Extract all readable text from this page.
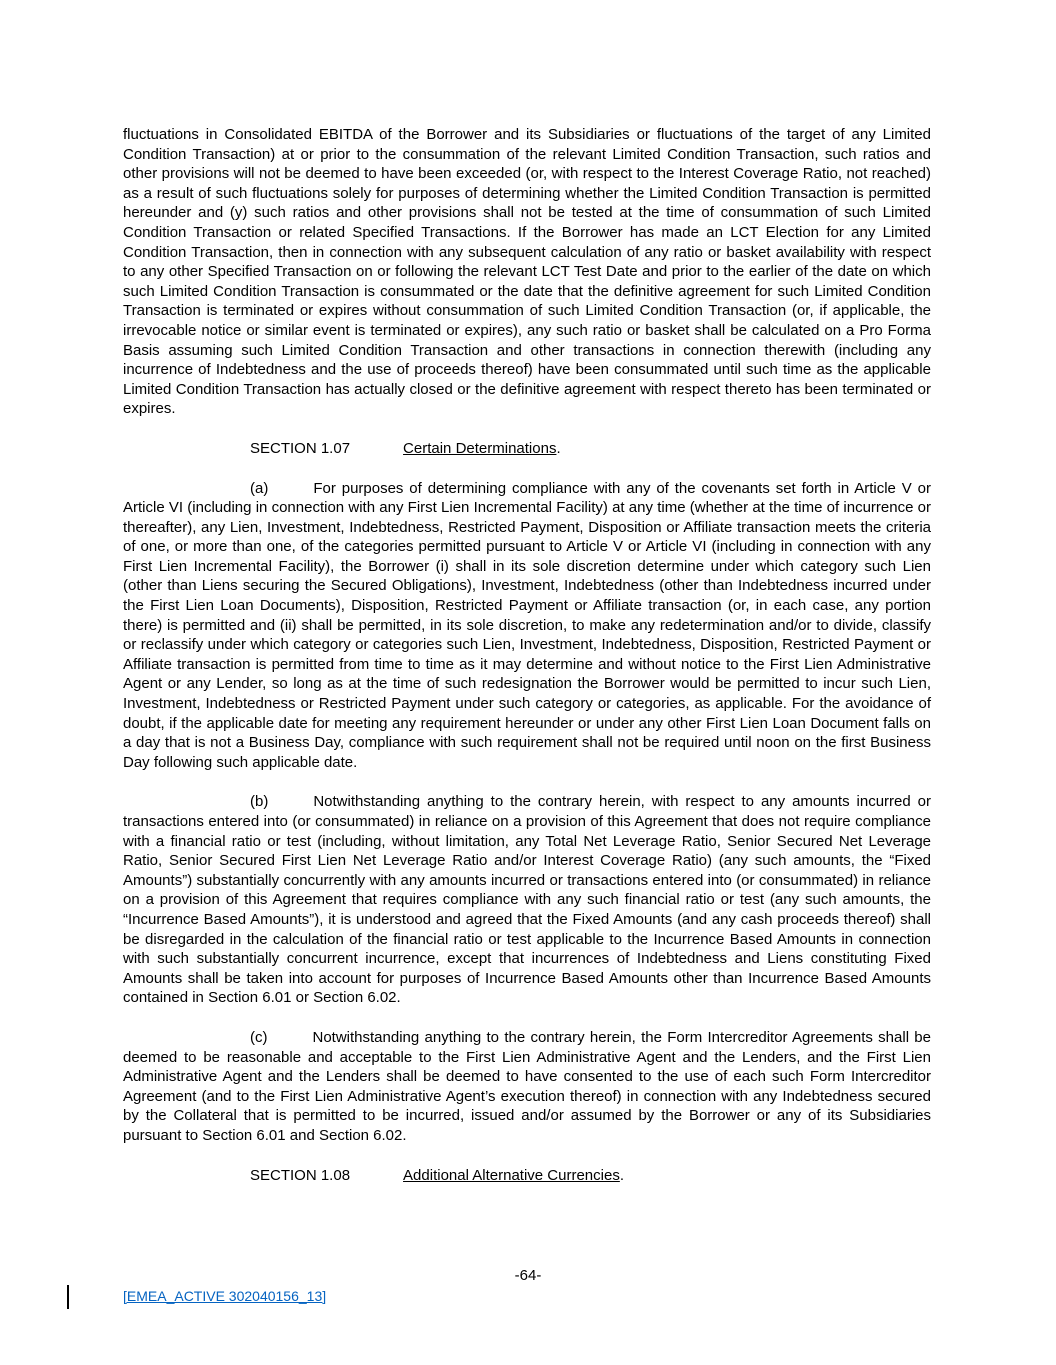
fluctuations in Consolidated EBITDA of the Borrower and its Subsidiaries or fluctuations of the target of any Limited Condition Transaction) at or prior to the consummation of the relevant Limited Condition Transaction, such ratios and other provisions will not be deemed to have been exceeded (or, with respect to the Interest Coverage Ratio, not reached) as a result of such fluctuations solely for purposes of determining whether the Limited Condition Transaction is permitted hereunder and (y) such ratios and other provisions shall not be tested at the time of consummation of such Limited Condition Transaction or related Specified Transactions. If the Borrower has made an LCT Election for any Limited Condition Transaction, then in connection with any subsequent calculation of any ratio or basket availability with respect to any other Specified Transaction on or following the relevant LCT Test Date and prior to the earlier of the date on which such Limited Condition Transaction is consummated or the date that the definitive agreement for such Limited Condition Transaction is terminated or expires without consummation of such Limited Condition Transaction (or, if applicable, the irrevocable notice or similar event is terminated or expires), any such ratio or basket shall be calculated on a Pro Forma Basis assuming such Limited Condition Transaction and other transactions in connection therewith (including any incurrence of Indebtedness and the use of proceeds thereof) have been consummated until such time as the applicable Limited Condition Transaction has actually closed or the definitive agreement with respect thereto has been terminated or expires.

SECTION 1.07	Certain Determinations.

(a)	For purposes of determining compliance with any of the covenants set forth in Article V or Article VI (including in connection with any First Lien Incremental Facility) at any time (whether at the time of incurrence or thereafter), any Lien, Investment, Indebtedness, Restricted Payment, Disposition or Affiliate transaction meets the criteria of one, or more than one, of the categories permitted pursuant to Article V or Article VI (including in connection with any First Lien Incremental Facility), the Borrower (i) shall in its sole discretion determine under which category such Lien (other than Liens securing the Secured Obligations), Investment, Indebtedness (other than Indebtedness incurred under the First Lien Loan Documents), Disposition, Restricted Payment or Affiliate transaction (or, in each case, any portion there) is permitted and (ii) shall be permitted, in its sole discretion, to make any redetermination and/or to divide, classify or reclassify under which category or categories such Lien, Investment, Indebtedness, Disposition, Restricted Payment or Affiliate transaction is permitted from time to time as it may determine and without notice to the First Lien Administrative Agent or any Lender, so long as at the time of such redesignation the Borrower would be permitted to incur such Lien, Investment, Indebtedness or Restricted Payment under such category or categories, as applicable. For the avoidance of doubt, if the applicable date for meeting any requirement hereunder or under any other First Lien Loan Document falls on a day that is not a Business Day, compliance with such requirement shall not be required until noon on the first Business Day following such applicable date.

(b)	Notwithstanding anything to the contrary herein, with respect to any amounts incurred or transactions entered into (or consummated) in reliance on a provision of this Agreement that does not require compliance with a financial ratio or test (including, without limitation, any Total Net Leverage Ratio, Senior Secured Net Leverage Ratio, Senior Secured First Lien Net Leverage Ratio and/or Interest Coverage Ratio) (any such amounts, the “Fixed Amounts”) substantially concurrently with any amounts incurred or transactions entered into (or consummated) in reliance on a provision of this Agreement that requires compliance with any such financial ratio or test (any such amounts, the “Incurrence Based Amounts”), it is understood and agreed that the Fixed Amounts (and any cash proceeds thereof) shall be disregarded in the calculation of the financial ratio or test applicable to the Incurrence Based Amounts in connection with such substantially concurrent incurrence, except that incurrences of Indebtedness and Liens constituting Fixed Amounts shall be taken into account for purposes of Incurrence Based Amounts other than Incurrence Based Amounts contained in Section 6.01 or Section 6.02.

(c)	Notwithstanding anything to the contrary herein, the Form Intercreditor Agreements shall be deemed to be reasonable and acceptable to the First Lien Administrative Agent and the Lenders, and the First Lien Administrative Agent and the Lenders shall be deemed to have consented to the use of each such Form Intercreditor Agreement (and to the First Lien Administrative Agent’s execution thereof) in connection with any Indebtedness secured by the Collateral that is permitted to be incurred, issued and/or assumed by the Borrower or any of its Subsidiaries pursuant to Section 6.01 and Section 6.02.

SECTION 1.08	Additional Alternative Currencies.

-64-
[EMEA_ACTIVE 302040156_13]
